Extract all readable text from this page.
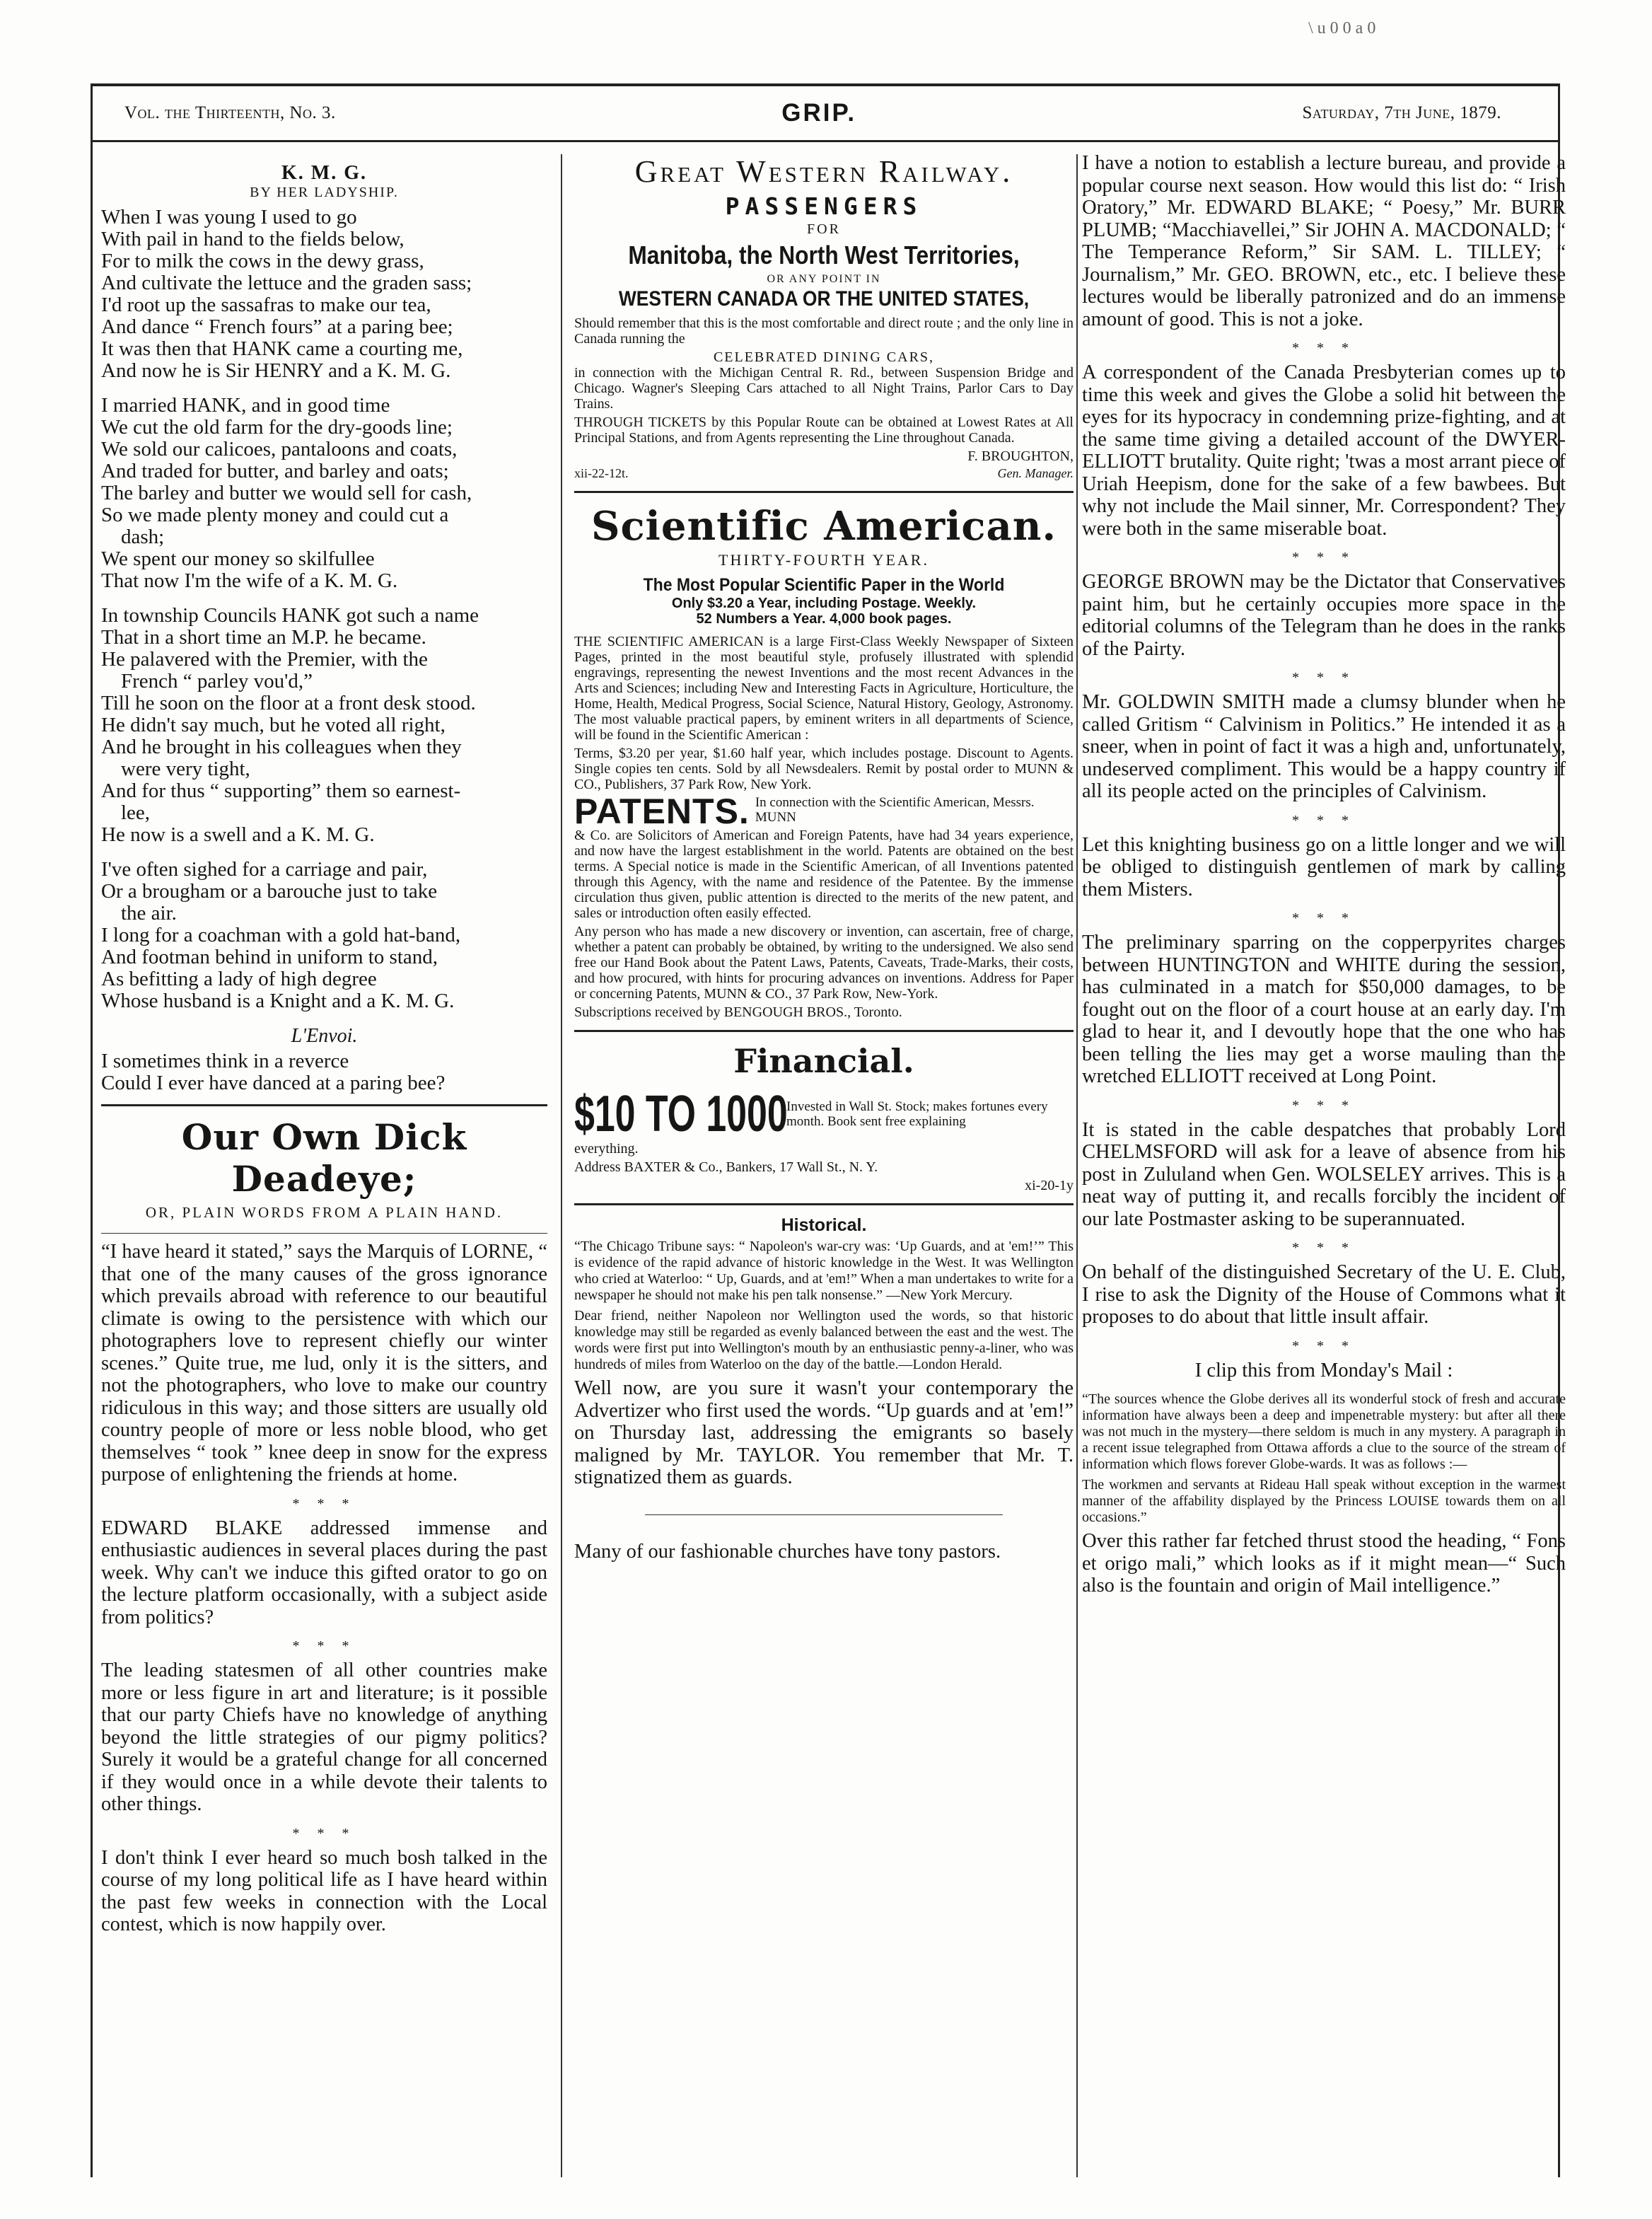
\u00a0
Vol. the Thirteenth, No. 3.	GRIP.	Saturday, 7th June, 1879.
K. M. G.
BY HER LADYSHIP.
When I was young I used to go
With pail in hand to the fields below,
For to milk the cows in the dewy grass,
And cultivate the lettuce and the graden sass;
I'd root up the sassafras to make our tea,
And dance “ French fours” at a paring bee;
It was then that HANK came a courting me,
And now he is Sir HENRY and a K. M. G.
I married HANK, and in good time
We cut the old farm for the dry-goods line;
We sold our calicoes, pantaloons and coats,
And traded for butter, and barley and oats;
The barley and butter we would sell for cash,
So we made plenty money and could cut a
dash;
We spent our money so skilfullee
That now I'm the wife of a K. M. G.
In township Councils HANK got such a name
That in a short time an M.P. he became.
He palavered with the Premier, with the
French “ parley vou'd,”
Till he soon on the floor at a front desk stood.
He didn't say much, but he voted all right,
And he brought in his colleagues when they
were very tight,
And for thus “ supporting” them so earnest-
lee,
He now is a swell and a K. M. G.
I've often sighed for a carriage and pair,
Or a brougham or a barouche just to take
the air.
I long for a coachman with a gold hat-band,
And footman behind in uniform to stand,
As befitting a lady of high degree
Whose husband is a Knight and a K. M. G.
L'Envoi.
I sometimes think in a reverce
Could I ever have danced at a paring bee?
Our Own Dick Deadeye;
OR, PLAIN WORDS FROM A PLAIN HAND.

“I have heard it stated,” says the Marquis of LORNE, “ that one of the many causes of the gross ignorance which prevails abroad with reference to our beautiful climate is owing to the persistence with which our photographers love to represent chiefly our winter scenes.” Quite true, me lud, only it is the sitters, and not the photographers, who love to make our country ridiculous in this way; and those sitters are usually old country people of more or less noble blood, who get themselves “ took ” knee deep in snow for the express purpose of enlightening the friends at home.

* * *

EDWARD BLAKE addressed immense and enthusiastic audiences in several places during the past week. Why can't we induce this gifted orator to go on the lecture platform occasionally, with a subject aside from politics?

* * *

The leading statesmen of all other countries make more or less figure in art and literature; is it possible that our party Chiefs have no knowledge of anything beyond the little strategies of our pigmy politics? Surely it would be a grateful change for all concerned if they would once in a while devote their talents to other things.

* * *

I don't think I ever heard so much bosh talked in the course of my long political life as I have heard within the past few weeks in connection with the Local contest, which is now happily over.

Great Western Railway.
PASSENGERS
FOR
Manitoba, the North West Territories,
OR ANY POINT IN
WESTERN CANADA OR THE UNITED STATES,

Should remember that this is the most comfortable and direct route ; and the only line in Canada running the

CELEBRATED DINING CARS,

in connection with the Michigan Central R. Rd., between Suspension Bridge and Chicago. Wagner's Sleeping Cars attached to all Night Trains, Parlor Cars to Day Trains.

THROUGH TICKETS by this Popular Route can be obtained at Lowest Rates at All Principal Stations, and from Agents representing the Line throughout Canada.

F. BROUGHTON,
xii-22-12t.	Gen. Manager.
Scientific American.
THIRTY-FOURTH YEAR.
The Most Popular Scientific Paper in the World
Only $3.20 a Year, including Postage. Weekly.
52 Numbers a Year. 4,000 book pages.

THE SCIENTIFIC AMERICAN is a large First-Class Weekly Newspaper of Sixteen Pages, printed in the most beautiful style, profusely illustrated with splendid engravings, representing the newest Inventions and the most recent Advances in the Arts and Sciences; including New and Interesting Facts in Agriculture, Horticulture, the Home, Health, Medical Progress, Social Science, Natural History, Geology, Astronomy. The most valuable practical papers, by eminent writers in all departments of Science, will be found in the Scientific American :

Terms, $3.20 per year, $1.60 half year, which includes postage. Discount to Agents. Single copies ten cents. Sold by all Newsdealers. Remit by postal order to MUNN & CO., Publishers, 37 Park Row, New York.

PATENTS. In connection with the Scientific American, Messrs. MUNN

& Co. are Solicitors of American and Foreign Patents, have had 34 years experience, and now have the largest establishment in the world. Patents are obtained on the best terms. A Special notice is made in the Scientific American, of all Inventions patented through this Agency, with the name and residence of the Patentee. By the immense circulation thus given, public attention is directed to the merits of the new patent, and sales or introduction often easily effected.

Any person who has made a new discovery or invention, can ascertain, free of charge, whether a patent can probably be obtained, by writing to the undersigned. We also send free our Hand Book about the Patent Laws, Patents, Caveats, Trade-Marks, their costs, and how procured, with hints for procuring advances on inventions. Address for Paper or concerning Patents, MUNN & CO., 37 Park Row, New-York.

Subscriptions received by BENGOUGH BROS., Toronto.

Financial.
$10 TO 1000
Invested in Wall St. Stock; makes fortunes every month. Book sent free explaining

everything.

Address BAXTER & Co., Bankers, 17 Wall St., N. Y.

xi-20-1y
Historical.

“The Chicago Tribune says: “ Napoleon's war-cry was: ‘Up Guards, and at 'em!’” This is evidence of the rapid advance of historic knowledge in the West. It was Wellington who cried at Waterloo: “ Up, Guards, and at 'em!” When a man undertakes to write for a newspaper he should not make his pen talk nonsense.” —New York Mercury.

Dear friend, neither Napoleon nor Wellington used the words, so that historic knowledge may still be regarded as evenly balanced between the east and the west. The words were first put into Wellington's mouth by an enthusiastic penny-a-liner, who was hundreds of miles from Waterloo on the day of the battle.—London Herald.

Well now, are you sure it wasn't your contemporary the Advertizer who first used the words. “Up guards and at 'em!” on Thursday last, addressing the emigrants so basely maligned by Mr. TAYLOR. You remember that Mr. T. stignatized them as guards.

Many of our fashionable churches have tony pastors.

I have a notion to establish a lecture bureau, and provide a popular course next season. How would this list do: “ Irish Oratory,” Mr. EDWARD BLAKE; “ Poesy,” Mr. BURR PLUMB; “Macchiavellei,” Sir JOHN A. MACDONALD; “ The Temperance Reform,” Sir SAM. L. TILLEY; “ Journalism,” Mr. GEO. BROWN, etc., etc. I believe these lectures would be liberally patronized and do an immense amount of good. This is not a joke.

* * *

A correspondent of the Canada Presbyterian comes up to time this week and gives the Globe a solid hit between the eyes for its hypocracy in condemning prize-fighting, and at the same time giving a detailed account of the DWYER-ELLIOTT brutality. Quite right; 'twas a most arrant piece of Uriah Heepism, done for the sake of a few bawbees. But why not include the Mail sinner, Mr. Correspondent? They were both in the same miserable boat.

* * *

GEORGE BROWN may be the Dictator that Conservatives paint him, but he certainly occupies more space in the editorial columns of the Telegram than he does in the ranks of the Pairty.

* * *

Mr. GOLDWIN SMITH made a clumsy blunder when he called Gritism “ Calvinism in Politics.” He intended it as a sneer, when in point of fact it was a high and, unfortunately, undeserved compliment. This would be a happy country if all its people acted on the principles of Calvinism.

* * *

Let this knighting business go on a little longer and we will be obliged to distinguish gentlemen of mark by calling them Misters.

* * *

The preliminary sparring on the copperpyrites charges between HUNTINGTON and WHITE during the session, has culminated in a match for $50,000 damages, to be fought out on the floor of a court house at an early day. I'm glad to hear it, and I devoutly hope that the one who has been telling the lies may get a worse mauling than the wretched ELLIOTT received at Long Point.

* * *

It is stated in the cable despatches that probably Lord CHELMSFORD will ask for a leave of absence from his post in Zululand when Gen. WOLSELEY arrives. This is a neat way of putting it, and recalls forcibly the incident of our late Postmaster asking to be superannuated.

* * *

On behalf of the distinguished Secretary of the U. E. Club, I rise to ask the Dignity of the House of Commons what it proposes to do about that little insult affair.

* * *

I clip this from Monday's Mail :

“The sources whence the Globe derives all its wonderful stock of fresh and accurate information have always been a deep and impenetrable mystery: but after all there was not much in the mystery—there seldom is much in any mystery. A paragraph in a recent issue telegraphed from Ottawa affords a clue to the source of the stream of information which flows forever Globe-wards. It was as follows :—

The workmen and servants at Rideau Hall speak without exception in the warmest manner of the affability displayed by the Princess LOUISE towards them on all occasions.”

Over this rather far fetched thrust stood the heading, “ Fons et origo mali,” which looks as if it might mean—“ Such also is the fountain and origin of Mail intelligence.”
